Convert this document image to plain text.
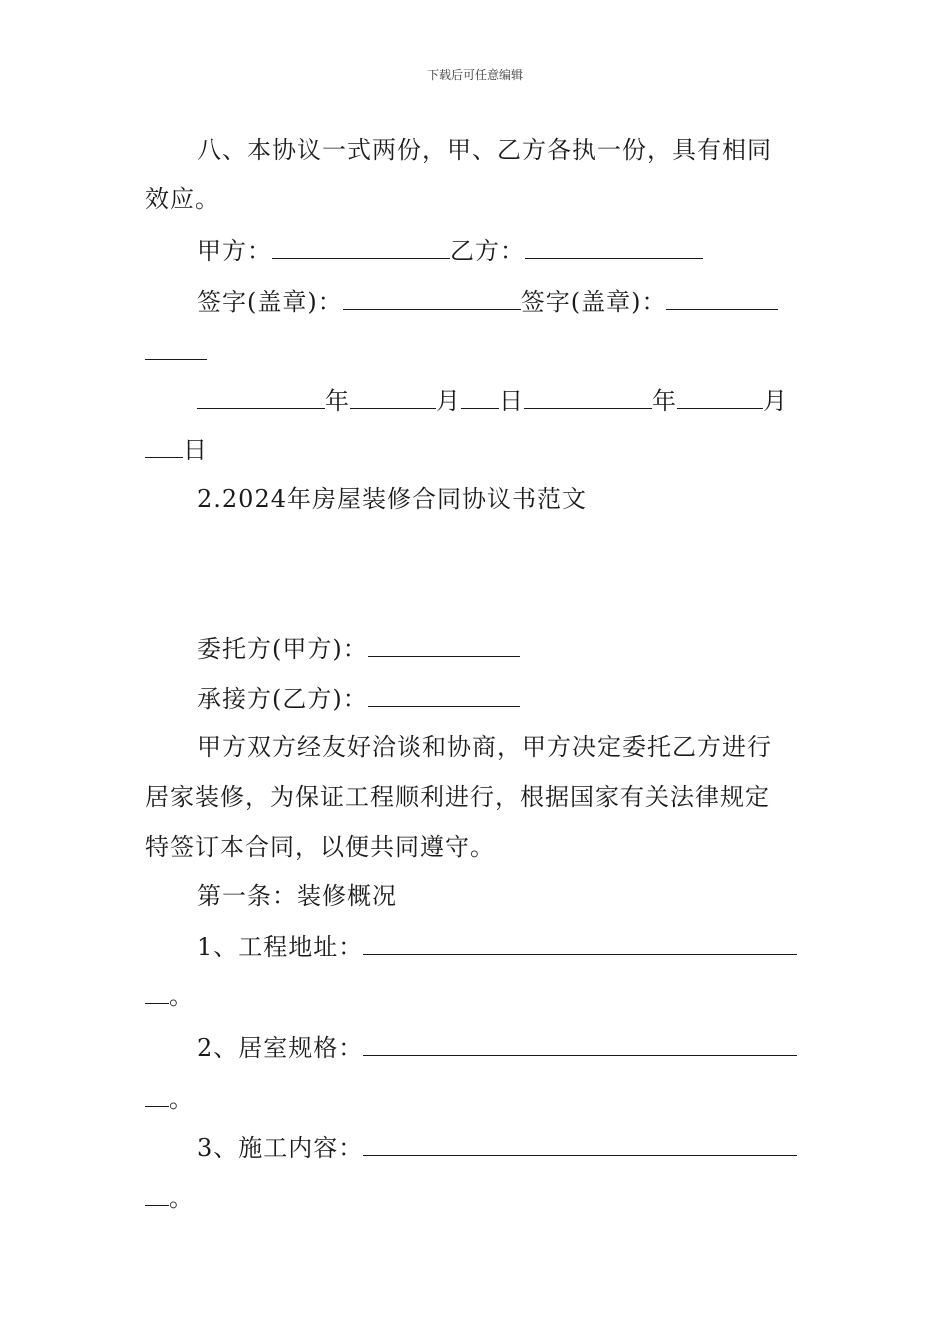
下载后可任意编辑
八、本协议一式两份，甲、乙方各执一份，具有相同
效应。
甲方：	乙方：
签字(盖章)：	签字(盖章)：
年	月 日	年	月
日
2.2024年房屋装修合同协议书范文
委托方(甲方)：
承接方(乙方)：
甲方双方经友好洽谈和协商，甲方决定委托乙方进行
居家装修，为保证工程顺利进行，根据国家有关法律规定
特签订本合同，以便共同遵守。
第一条：装修概况
1、工程地址：
。
2、居室规格：
。
3、施工内容：
。
